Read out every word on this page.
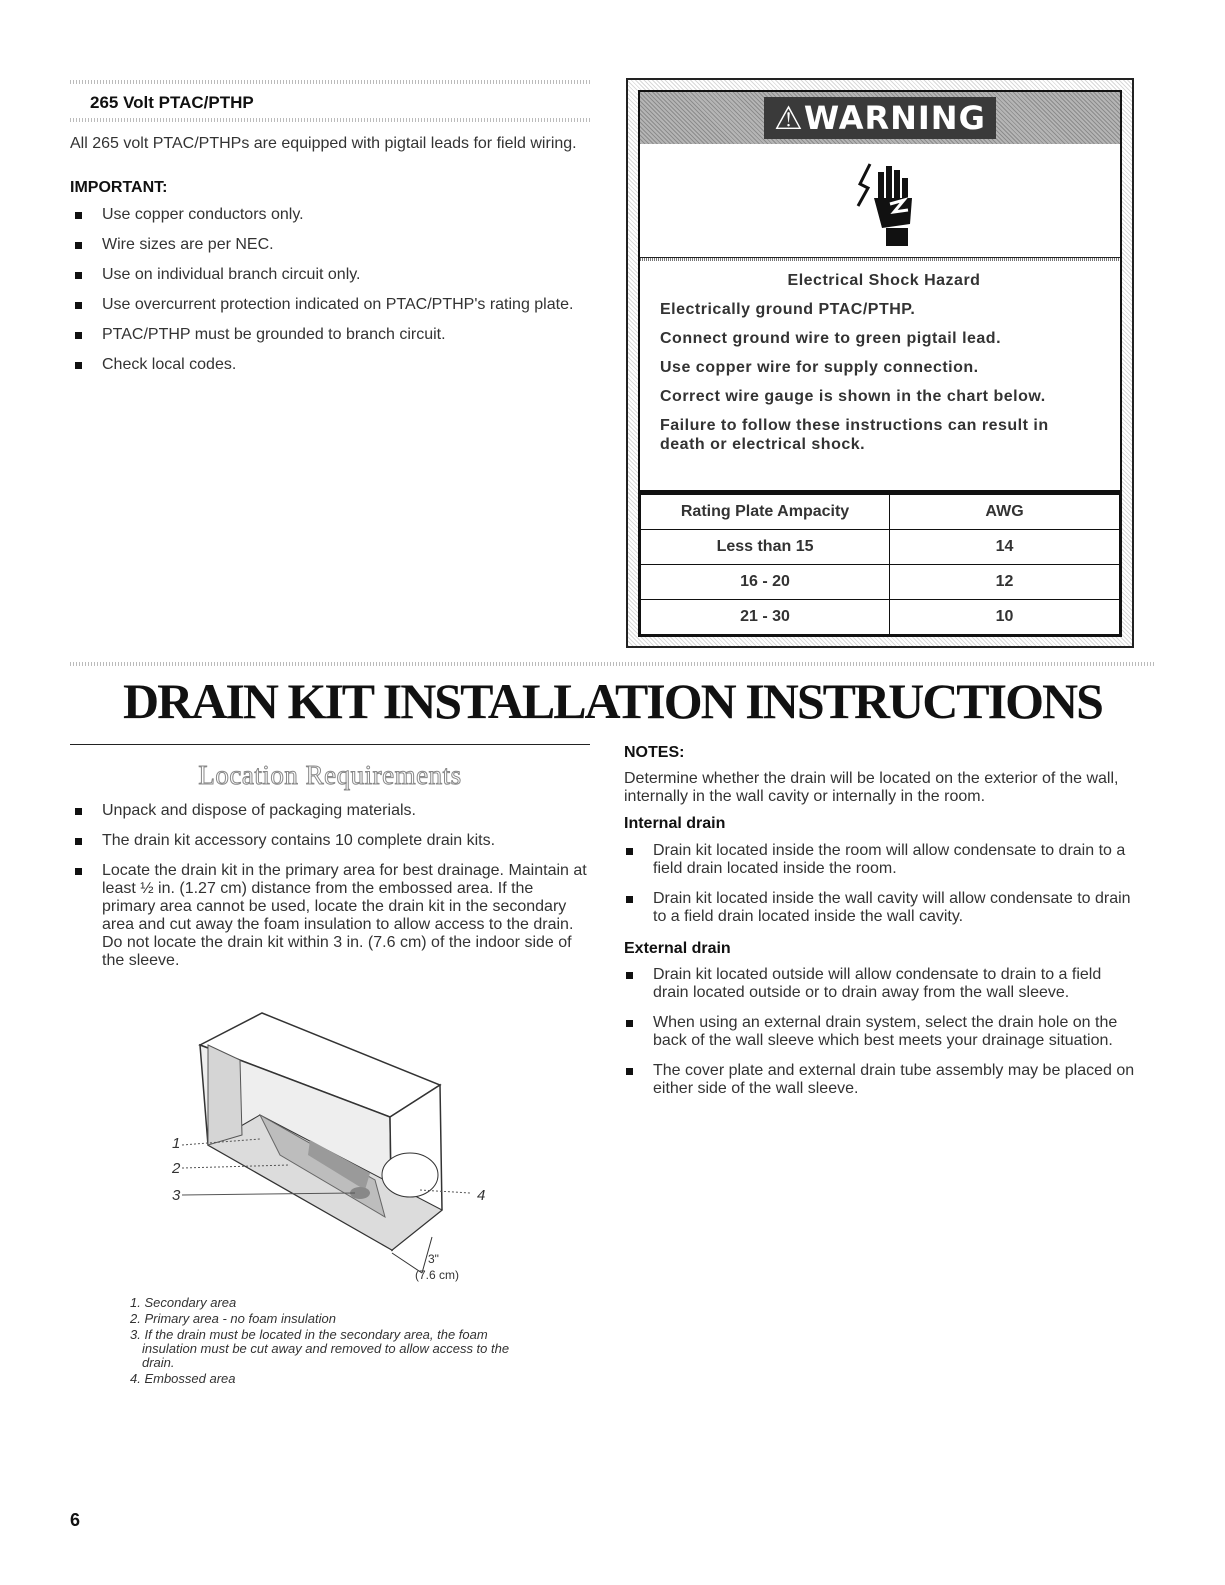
265 Volt PTAC/PTHP
All 265 volt PTAC/PTHPs are equipped with pigtail leads for field wiring.
IMPORTANT:
Use copper conductors only.
Wire sizes are per NEC.
Use on individual branch circuit only.
Use overcurrent protection indicated on PTAC/PTHP's rating plate.
PTAC/PTHP must be grounded to branch circuit.
Check local codes.
⚠WARNING
Electrical Shock Hazard
Electrically ground PTAC/PTHP.
Connect ground wire to green pigtail lead.
Use copper wire for supply connection.
Correct wire gauge is shown in the chart below.
Failure to follow these instructions can result in death or electrical shock.
Rating Plate Ampacity	AWG
Less than 15	14
16 - 20	12
21 - 30	10
DRAIN KIT INSTALLATION INSTRUCTIONS
Location Requirements
Unpack and dispose of packaging materials.
The drain kit accessory contains 10 complete drain kits.
Locate the drain kit in the primary area for best drainage. Maintain at least ½ in. (1.27 cm) distance from the embossed area. If the primary area cannot be used, locate the drain kit in the secondary area and cut away the foam insulation to allow access to the drain. Do not locate the drain kit within 3 in. (7.6 cm) of the indoor side of the sleeve.
1
2
3	4
3"
(7.6 cm)
1. Secondary area
2. Primary area - no foam insulation
3. If the drain must be located in the secondary area, the foam insulation must be cut away and removed to allow access to the drain.
4. Embossed area
NOTES:
Determine whether the drain will be located on the exterior of the wall, internally in the wall cavity or internally in the room.
Internal drain
Drain kit located inside the room will allow condensate to drain to a field drain located inside the room.
Drain kit located inside the wall cavity will allow condensate to drain to a field drain located inside the wall cavity.
External drain
Drain kit located outside will allow condensate to drain to a field drain located outside or to drain away from the wall sleeve.
When using an external drain system, select the drain hole on the back of the wall sleeve which best meets your drainage situation.
The cover plate and external drain tube assembly may be placed on either side of the wall sleeve.
6
